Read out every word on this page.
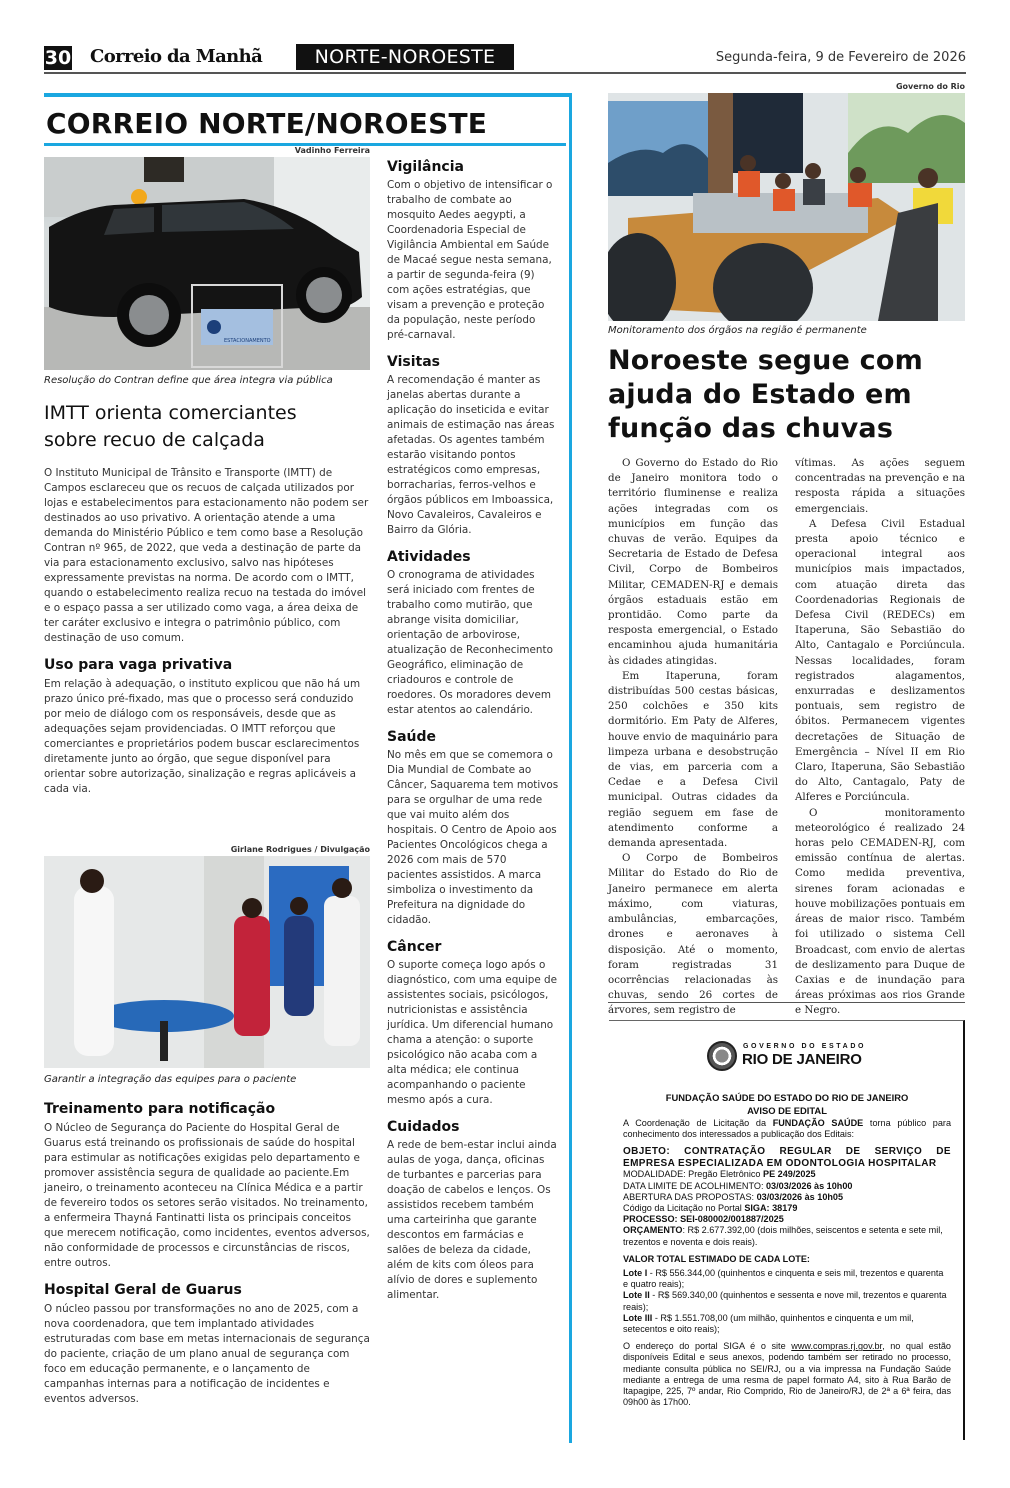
30 Correio da Manhã	NORTE-NOROESTE	Segunda-feira, 9 de Fevereiro de 2026
CORREIO NORTE/NOROESTE
Vadinho Ferreira
ESTACIONAMENTO
Resolução do Contran define que área integra via pública
IMTT orienta comerciantes sobre recuo de calçada

O Instituto Municipal de Trânsito e Transporte (IMTT) de Campos esclareceu que os recuos de calçada utilizados por lojas e estabelecimentos para estacionamento não podem ser destinados ao uso privativo. A orientação atende a uma demanda do Ministério Público e tem como base a Resolução Contran nº 965, de 2022, que veda a destinação de parte da via para estacionamento exclusivo, salvo nas hipóteses expressamente previstas na norma. De acordo com o IMTT, quando o estabelecimento realiza recuo na testada do imóvel e o espaço passa a ser utilizado como vaga, a área deixa de ter caráter exclusivo e integra o patrimônio público, com destinação de uso comum.

Uso para vaga privativa

Em relação à adequação, o instituto explicou que não há um prazo único pré-fixado, mas que o processo será conduzido por meio de diálogo com os responsáveis, desde que as adequações sejam providenciadas. O IMTT reforçou que comerciantes e proprietários podem buscar esclarecimentos diretamente junto ao órgão, que segue disponível para orientar sobre autorização, sinalização e regras aplicáveis a cada via.

Girlane Rodrigues / Divulgação
Garantir a integração das equipes para o paciente
Treinamento para notificação

O Núcleo de Segurança do Paciente do Hospital Geral de Guarus está treinando os profissionais de saúde do hospital para estimular as notificações exigidas pelo departamento e promover assistência segura de qualidade ao paciente.Em janeiro, o treinamento aconteceu na Clínica Médica e a partir de fevereiro todos os setores serão visitados. No treinamento, a enfermeira Thayná Fantinatti lista os principais conceitos que merecem notificação, como incidentes, eventos adversos, não conformidade de processos e circunstâncias de riscos, entre outros.

Hospital Geral de Guarus

O núcleo passou por transformações no ano de 2025, com a nova coordenadora, que tem implantado atividades estruturadas com base em metas internacionais de segurança do paciente, criação de um plano anual de segurança com foco em educação permanente, e o lançamento de campanhas internas para a notificação de incidentes e eventos adversos.

Vigilância

Com o objetivo de intensificar o trabalho de combate ao mosquito Aedes aegypti, a Coordenadoria Especial de Vigilância Ambiental em Saúde de Macaé segue nesta semana, a partir de segunda-feira (9) com ações estratégias, que visam a prevenção e proteção da população, neste período pré-carnaval.

Visitas

A recomendação é manter as janelas abertas durante a aplicação do inseticida e evitar animais de estimação nas áreas afetadas. Os agentes também estarão visitando pontos estratégicos como empresas, borracharias, ferros-velhos e órgãos públicos em Imboassica, Novo Cavaleiros, Cavaleiros e Bairro da Glória.

Atividades

O cronograma de atividades será iniciado com frentes de trabalho como mutirão, que abrange visita domiciliar, orientação de arbovirose, atualização de Reconhecimento Geográfico, eliminação de criadouros e controle de roedores. Os moradores devem estar atentos ao calendário.

Saúde

No mês em que se comemora o Dia Mundial de Combate ao Câncer, Saquarema tem motivos para se orgulhar de uma rede que vai muito além dos hospitais. O Centro de Apoio aos Pacientes Oncológicos chega a 2026 com mais de 570 pacientes assistidos. A marca simboliza o investimento da Prefeitura na dignidade do cidadão.

Câncer

O suporte começa logo após o diagnóstico, com uma equipe de assistentes sociais, psicólogos, nutricionistas e assistência jurídica. Um diferencial humano chama a atenção: o suporte psicológico não acaba com a alta médica; ele continua acompanhando o paciente mesmo após a cura.

Cuidados

A rede de bem-estar inclui ainda aulas de yoga, dança, oficinas de turbantes e parcerias para doação de cabelos e lenços. Os assistidos recebem também uma carteirinha que garante descontos em farmácias e salões de beleza da cidade, além de kits com óleos para alívio de dores e suplemento alimentar.

Governo do Rio
Monitoramento dos órgãos na região é permanente
Noroeste segue com ajuda do Estado em função das chuvas

O Governo do Estado do Rio de Janeiro monitora todo o território fluminense e realiza ações integradas com os municípios em função das chuvas de verão. Equipes da Secretaria de Estado de Defesa Civil, Corpo de Bombeiros Militar, CEMADEN-RJ e demais órgãos estaduais estão em prontidão. Como parte da resposta emergencial, o Estado encaminhou ajuda humanitária às cidades atingidas.

Em Itaperuna, foram distribuídas 500 cestas básicas, 250 colchões e 350 kits dormitório. Em Paty de Alferes, houve envio de maquinário para limpeza urbana e desobstrução de vias, em parceria com a Cedae e a Defesa Civil municipal. Outras cidades da região seguem em fase de atendimento conforme a demanda apresentada.

O Corpo de Bombeiros Militar do Estado do Rio de Janeiro permanece em alerta máximo, com viaturas, ambulâncias, embarcações, drones e aeronaves à disposição. Até o momento, foram registradas 31 ocorrências relacionadas às chuvas, sendo 26 cortes de árvores, sem registro de

vítimas. As ações seguem concentradas na prevenção e na resposta rápida a situações emergenciais.

A Defesa Civil Estadual presta apoio técnico e operacional integral aos municípios mais impactados, com atuação direta das Coordenadorias Regionais de Defesa Civil (REDECs) em Itaperuna, São Sebastião do Alto, Cantagalo e Porciúncula. Nessas localidades, foram registrados alagamentos, enxurradas e deslizamentos pontuais, sem registro de óbitos. Permanecem vigentes decretações de Situação de Emergência – Nível II em Rio Claro, Itaperuna, São Sebastião do Alto, Cantagalo, Paty de Alferes e Porciúncula.

O monitoramento meteorológico é realizado 24 horas pelo CEMADEN-RJ, com emissão contínua de alertas. Como medida preventiva, sirenes foram acionadas e houve mobilizações pontuais em áreas de maior risco. Também foi utilizado o sistema Cell Broadcast, com envio de alertas de deslizamento para Duque de Caxias e de inundação para áreas próximas aos rios Grande e Negro.

GOVERNO DO ESTADO
RIO DE JANEIRO
FUNDAÇÃO SAÚDE DO ESTADO DO RIO DE JANEIRO
AVISO DE EDITAL
A Coordenação de Licitação da FUNDAÇÃO SAÚDE torna público para conhecimento dos interessados a publicação dos Editais:
OBJETO: CONTRATAÇÃO REGULAR DE SERVIÇO DE EMPRESA ESPECIALIZADA EM ODONTOLOGIA HOSPITALAR
MODALIDADE: Pregão Eletrônico PE 249/2025
DATA LIMITE DE ACOLHIMENTO: 03/03/2026 às 10h00
ABERTURA DAS PROPOSTAS: 03/03/2026 às 10h05
Código da Licitação no Portal SIGA: 38179
PROCESSO: SEI-080002/001887/2025
ORÇAMENTO: R$ 2.677.392,00 (dois milhões, seiscentos e setenta e sete mil, trezentos e noventa e dois reais).
VALOR TOTAL ESTIMADO DE CADA LOTE:
Lote I - R$ 556.344,00 (quinhentos e cinquenta e seis mil, trezentos e quarenta e quatro reais);
Lote II - R$ 569.340,00 (quinhentos e sessenta e nove mil, trezentos e quarenta reais);
Lote III - R$ 1.551.708,00 (um milhão, quinhentos e cinquenta e um mil, setecentos e oito reais);
O endereço do portal SIGA é o site www.compras.rj.gov.br, no qual estão disponíveis Edital e seus anexos, podendo também ser retirado no processo, mediante consulta pública no SEI/RJ, ou a via impressa na Fundação Saúde mediante a entrega de uma resma de papel formato A4, sito à Rua Barão de Itapagipe, 225, 7º andar, Rio Comprido, Rio de Janeiro/RJ, de 2ª a 6ª feira, das 09h00 às 17h00.
